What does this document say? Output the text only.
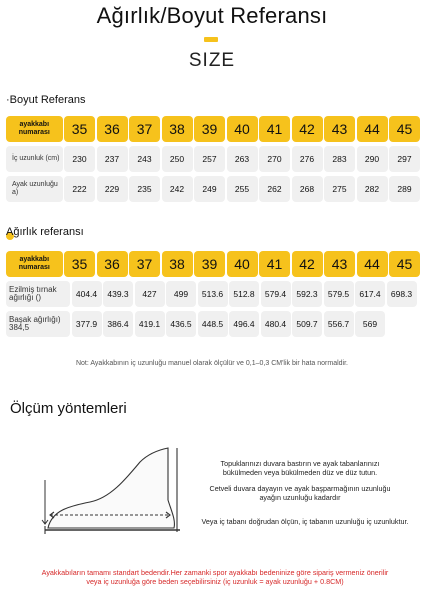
Ağırlık/Boyut Referansı
SIZE
·Boyut Referans
ayakkabı numarası	35	36	37	38	39	40	41	42	43	44	45
İç uzunluk (cm)	230	237	243	250	257	263	270	276	283	290	297
Ayak uzunluğu a)	222	229	235	242	249	255	262	268	275	282	289
Ağırlık referansı
ayakkabı numarası	35	36	37	38	39	40	41	42	43	44	45
Ezilmiş tırnak ağırlığı ()	404.4	439.3	427	499	513.6	512.8	579.4	592.3	579.5	617.4	698.3
Başak ağırlığı) 384,5	377.9	386.4	419.1	436.5	448.5	496.4	480.4	509.7	556.7	569
Not: Ayakkabının iç uzunluğu manuel olarak ölçülür ve 0,1–0,3 CM'lik bir hata normaldir.
Ölçüm yöntemleri
Topuklarınızı duvara bastırın ve ayak tabanlarınızı bükülmeden veya bükülmeden düz ve düz tutun.
Cetveli duvara dayayın ve ayak başparmağının uzunluğu ayağın uzunluğu kadardır
Veya iç tabanı doğrudan ölçün, iç tabanın uzunluğu iç uzunluktur.
Ayakkabıların tamamı standart bedendir.Her zamanki spor ayakkabı bedeninize göre sipariş vermeniz önerilir veya iç uzunluğa göre beden seçebilirsiniz (iç uzunluk = ayak uzunluğu + 0.8CM)
